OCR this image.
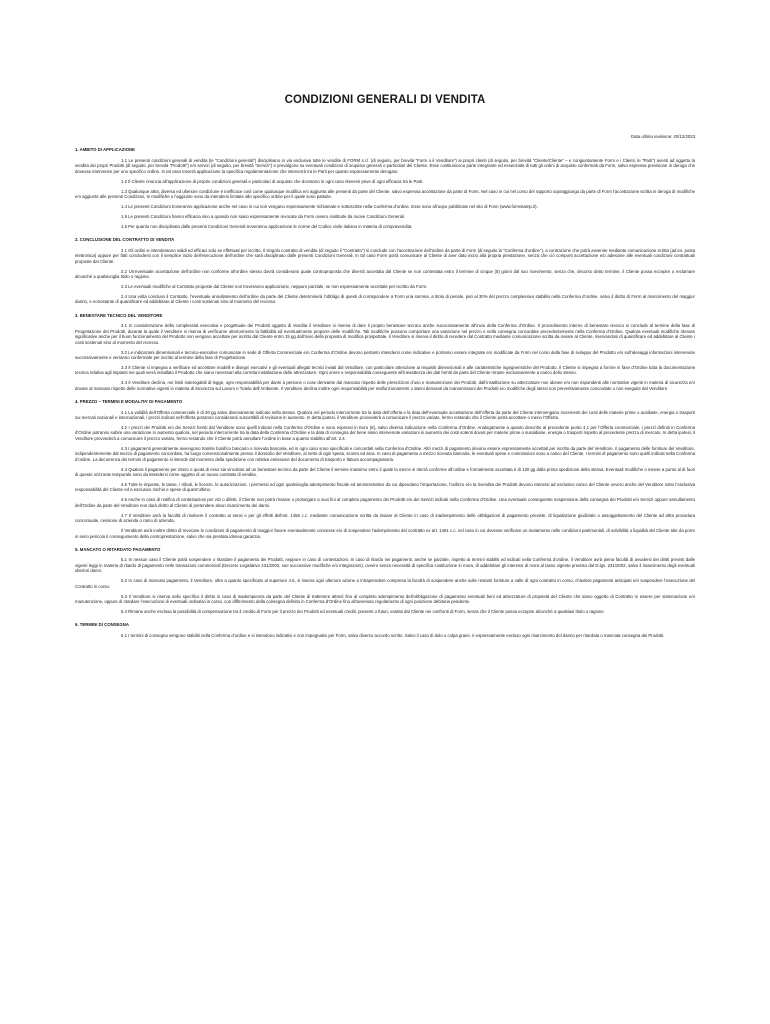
CONDIZIONI GENERALI DI VENDITA
Data ultima revisione: 20/12/2023
1. AMBITO DI APPLICAZIONE

1.1 Le presenti condizioni generali di vendita (le “Condizioni generali”) disciplinano in via esclusiva tutte le vendite di FORM s.r.l. (di seguito, per brevità “Form o il Venditore”) ai propri clienti (di seguito, per brevità “Cliente/Cliente” – e congiuntamente Form e i Clienti, le “Parti”) aventi ad oggetto la vendita dei propri Prodotti (di seguito, per brevità “Prodotti”) e/o servizi (di seguito, per brevità “Servizi”) e prevalgono su eventuali condizioni di acquisto generali o particolari del Cliente. Esse costituiscono parte integrante ed essenziale di tutti gli ordini di acquisto confermati da Form, salvo espressa previsione in deroga che dovesse intervenire per uno specifico ordine. In tal caso troverà applicazione la specifica regolamentazione che interverrà tra le Parti per quanto espressamente derogato.

1.2 Il Cliente rinuncia all’applicazione di proprie condizioni generali e particolari di acquisto che dovranno in ogni caso ritenersi prive di ogni efficacia tra le Parti.

1.3 Qualunque altra, diversa ed ulteriore condizione è inefficace così come qualunque modifica e/o aggiunta alle presenti da parte del Cliente, salvo espressa accettazione da parte di Form. Nel caso in cui nel corso del rapporto sopraggiunga da parte di Form l’accettazione scritta in deroga di modifiche e/o aggiunte alle presenti Condizioni, le modifiche o l’aggiunte sono da intendersi limitate allo specifico ordine per il quale sono pattuite.

1.4 Le presenti Condizioni troveranno applicazione anche nel caso in cui non vengano espressamente richiamate e sottoscritte nella Conferma d’ordine. Esse sono all’uopo pubblicate nel sito di Form (www.formstamp.it).

1.5 Le presenti Condizioni hanno efficacia sino a quando non siano espressamente revocate da Form ovvero sostituite da nuove Condizioni Generali.

1.6 Per quanto non disciplinato dalle presenti Condizioni Generali troveranno applicazione le norme del Codice civile italiano in materia di compravendita.

2. CONCLUSIONE DEL CONTRATTO DI VENDITA

2.1 Gli ordini si intenderanno validi ed efficaci solo se effettuati per iscritto. Il singolo contratto di vendita (di seguito il “Contratto”) si conclude con l’accettazione dell’ordine da parte di Form (di seguito la “Conferma d’ordine”), a contrazione che potrà avvenire mediante comunicazione scritta (ad es. posta elettronica) oppure per fatti concludenti con il semplice inizio dell’esecuzione dell’ordine che sarà disciplinato dalle presenti Condizioni Generali. In tal caso Form potrà comunicare al Cliente di aver dato inizio alla propria prestazione, senza che ciò comporti accettazione e/o adesione alle eventuali condizioni contrattuali proposte dal Cliente.

2.2 Un’eventuale accettazione dell’ordine non conforme all’ordine stesso dovrà considerarsi quale controproposta che diverrà accettata dal Cliente se non contestata entro il termine di cinque (5) giorni dal suo ricevimento, senza che, decorso detto termine, il Cliente possa eccepire o reclamare alcunché a qualsivoglia titolo o ragione.

2.3 Le eventuali modifiche al Contratto proposte dal Cliente non troveranno applicazione, neppure parziale, se non espressamente accettate per iscritto da Form.

2.4 Una volta concluso il Contratto, l’eventuale annullamento dell’ordine da parte del Cliente determinerà l’obbligo di questi di corrispondere a Form una somma, a titolo di penale, pari al 30% del prezzo complessivo stabilito nella Conferma d’ordine, salvo il diritto di Form al risarcimento del maggior danno, e nonostante di quantificare ed addebitare al Cliente i costi sostenuti sino al momento del recesso.

3. BENESTARE TECNICO DEL VENDITORE

3.1 In considerazione della complessità esecutiva e progettuale dei Prodotti oggetto di Vendita il Venditore si riserva di dare il proprio benestare tecnico anche successivamente all’invio della Conferma d’Ordine. Il procedimento interno di benestare tecnico si conclude al termine della fase di Progettazione dei Prodotti, durante la quale il Venditore si riserva di verificarne ulteriormente la fattibilità ed eventualmente proporre delle modifiche. Tali modifiche possono comportare una variazione nel prezzo e nella consegna concordate precedentemente nella Conferma d’Ordine. Qualora eventuali modifiche ritenute significative anche per il buon funzionamento del Prodotto non vengano accettate per iscritto dal Cliente entro 15 gg dall’invio della proposta di modifica prospettate, il Venditore si riserva il diritto di recedere dal Contratto mediante comunicazione scritta da inviare al Cliente, riservandosi di quantificare ed addebitare al Cliente i costi sostenuti sino al momento del recesso.

3.2 Le indicazioni dimensionali e tecnico-esecutive comunicate in sede di Offerta Commerciale e/o Conferma d’Ordine devono pertanto intendersi come indicative e potranno essere integrate e/o modificate da Form nel corso della fase di sviluppo del Prodotto e/o sull’alesaggi informazioni intervenute successivamente e verranno confermate per iscritto al termine della fase di Progettazione.

3.3 Il Cliente si impegna a verificare ed accettare modelli e disegni esecutivi e gli eventuali allegati tecnici inviati dal Venditore, con particolare attenzione ai requisiti dimensionali e alle caratteristiche ingegneristiche del Prodotto. Il Cliente si impegna a fornire in fase d’Ordine tutta la documentazione tecnica relativa agli impianti nei quali verrà installato il Prodotto che siano necessari alla corretta installazione delle attrezzature. Ogni onere e responsabilità conseguente all’inesattezza dei dati forniti da parte del Cliente rimane esclusivamente a carico dello stesso.

3.4 Il Venditore declina, nei limiti inderogabili di legge, ogni responsabilità per danni a persone o cose derivante dal mancato rispetto delle prescrizioni d’uso e manutenzione dei Prodotti, dall’installazione su attrezzature non idonee e/o non rispondenti alle normative vigenti in materia di sicurezza e/o dovute al mancato rispetto delle normative vigenti in materia di Sicurezza sul Lavoro e Tutela dell’Ambiente. Il Venditore declina inoltre ogni responsabilità per malfunzionamenti o danni derivanti da manomissioni dei Prodotti e/o modifiche degli stessi non preventivamente concordate o non eseguite dal Venditore.

4. PREZZO – TERMINI E MODALITA’ DI PAGAMENTO

4.1 La validità dell’Offerta commerciale è di 30 gg salvo diversamente indicato nella stessa. Qualora nel periodo intercorrente tra la data dell’offerta e la data dell’eventuale accettazione dell’offerta da parte del Cliente intervengano incrementi dei costi delle materie prime o ausiliarie, energia o trasporti sui mercati nazionali e internazionali, i prezzi indicati nell’offerta potranno considerarsi suscettibili di revisione in aumento. In detta ipotesi, il Venditore provvederà a comunicare il prezzo variato, fermo restando che il Cliente potrà accettare o meno l’Offerta.

4.2 I prezzi dei Prodotti e/o dei Servizi forniti dal Venditore sono quelli indicati nella Conferma d’Ordine e sono espressi in Euro (€), salvo diversa indicazione nella Conferma d’Ordine. Analogamente a quanto descritto al precedente punto 4.1 per l’Offerta commerciale, i prezzi definiti in Conferma d’Ordine potranno subire una variazione in aumento qualora, nel periodo intercorrente tra la data della Conferma d’Ordine e la data di consegna del bene siano intervenute variazioni in aumento dei costi sotenti dovuti per materie prime o sussidiarie, energia o trasporti rispetto al precedente prezzo di mercato. In detta ipotesi, il Venditore provvederà a comunicare il prezzo variato, fermo restando che il Cliente potrà annullare l’ordine in base a quanto stabilito all’art. 2.4.

4.3 I pagamenti generalmente avvengono tramite bonifico bancario o ricevuta bancaria, ed in ogni caso sono specificati e concordati nella Conferma d’Ordine. Altri mezzi di pagamento devono essere espressamente accettati per iscritto da parte del Venditore. Il pagamento delle forniture del Venditore, indipendentemente dal mezzo di pagamento concordato, ha luogo convenzionalmente presso il domicilio del Venditore, al netto di ogni spesa, sconto ed arca. In caso di pagamento a mezzo ricevuta bancaria, le eventuali spese e commissioni sono a carico del Cliente. I termini di pagamento sono quelli indicati nella Conferma d’ordine. La decorrenza dei termini di pagamento si intende dal momento della spedizione con relativa emissione del documento di trasporto e fattura accompagnatoria.

4.4 Qualora il pagamento per intero o quota di esso sia vincolato ad un benestare tecnico da parte del Cliente il termine massimo entro il quale la merce si riterrà conforme all’ordine e formalmente accettata è di 120 gg dalla prima spedizione della stessa. Eventuali modifiche o messe a punto al di fuori di questo orizzonte temporale sono da intendersi come oggetto di un nuovo contratto di vendita.

4.5 Tutte le imposte, le tasse, i tributi, le licenze, le autorizzazioni, i permessi ed ogni qualsivoglia adempimento fiscale ed amministrativo da cui dipendano l’importazione, l’utilizzo e/o la rivendita dei Prodotti devono ritenersi ad esclusivo carico del Cliente ovvero anche del Venditore sotto l’esclusiva responsabilità del Cliente ed a esclusivo rischio e spese di quest’ultimo.

4.6 Anche in caso di notifica di contestazioni per vizi o difetti, il Cliente non potrà rinviare o prolungare a suoi fini al completo pagamento dei Prodotti e/o dei Servizi indicati nella Conferma d’Ordine. Una eventuale conseguente sospensione della consegna dei Prodotti e/o Servizi oppure annullamento dell’Ordine da parte del Venditore non darà diritto al Cliente di pretendere alcun risarcimento dei danni.

4.7 Il Venditore avrà la facoltà di risolvere il contratto ai sensi e per gli effetti dell’art. 1456 c.c. mediante comunicazione scritta da inviare al Cliente in caso di inadempimento delle obbligazioni di pagamento previste, di liquidazione giudiziale o assoggettamento del Cliente ad altra procedura concorsuale, cessione di azienda o ramo di azienda.

Il Venditore avrà inoltre diritto di revocare le condizioni di pagamento di maggior favore eventualmente concesse e/o di sospendere l’adempimento del contratto ex art. 1461 c.c. nel caso in cui dovesse verificare un mutamento nelle condizioni patrimoniali, di solvibilità o liquidità del Cliente tale da porre in serio pericolo il conseguimento della controprestazione, salvo che sia prestata idonea garanzia.

5. MANCATO O RITARDATO PAGAMENTO

5.1 In nessun caso il Cliente potrà sospendere o ritardare il pagamento dei Prodotti, neppure in caso di contestazioni. In caso di ritardo nei pagamenti, anche se parziale, rispetto ai termini stabiliti ed indicati nella Conferma d’ordine, il Venditore avrà piena facoltà di avvalersi dei diritti previsti dalle vigenti leggi in materia di ritardo di pagamento nelle transazioni commerciali (Decreto Legislativo 231/2002, sue successive modifiche e/o integrazioni), ovvero senza necessità di specifica costituzione in mora, di addebitare gli interessi di mora al tasso vigente previsto dal D.lgs. 231/2002, salvo il risarcimento degli eventuali ulteriori danni.

5.2 In caso di mancato pagamento, il Venditore, oltre a quanto specificato al superiore 4.5, si riserva ogni ulteriore azione a intraprendere compresa la facoltà di sospendere anche sulle restanti forniture a valle di ogni contratto in corso, chiedere pagamenti anticipati e/o sospendere l’esecuzione del Contratto in corso.

5.3 Il Venditore si riserva nello specifico il diritto in caso di inadempienza da parte del Cliente di trattenere altresì fino al completo adempimento dell’obbligazione di pagamento eventuali beni ed attrezzature di proprietà del Cliente che siano oggetto di Contratto in essere per sistemazione e/o manutenzione, oppure di ritardare l’esecuzione di eventuali ordinativi in corso, con differimento della consegna definita in Conferma d’Ordine fino all’avvenuto regolamento di ogni posizione debitoria pendente.

5.4 Rimane anche esclusa la possibilità di compensazione tra il credito di Form per il prezzo dei Prodotti ed eventuali crediti, presenti o futuri, vantati dal Cliente nei confronti di Form, senza che il Cliente possa eccepire alcunché a qualsiasi titolo o ragione.

6. TERMINI DI CONSEGNA

6.1 I termini di consegna vengono stabiliti nella Conferma d’ordine e si intendono indicativi e non impegnativi per Form, salvo diverso accordo scritto. Salvo il caso di dolo o colpa grave, è espressamente escluso ogni risarcimento del danno per ritardata o mancata consegna dei Prodotti.
